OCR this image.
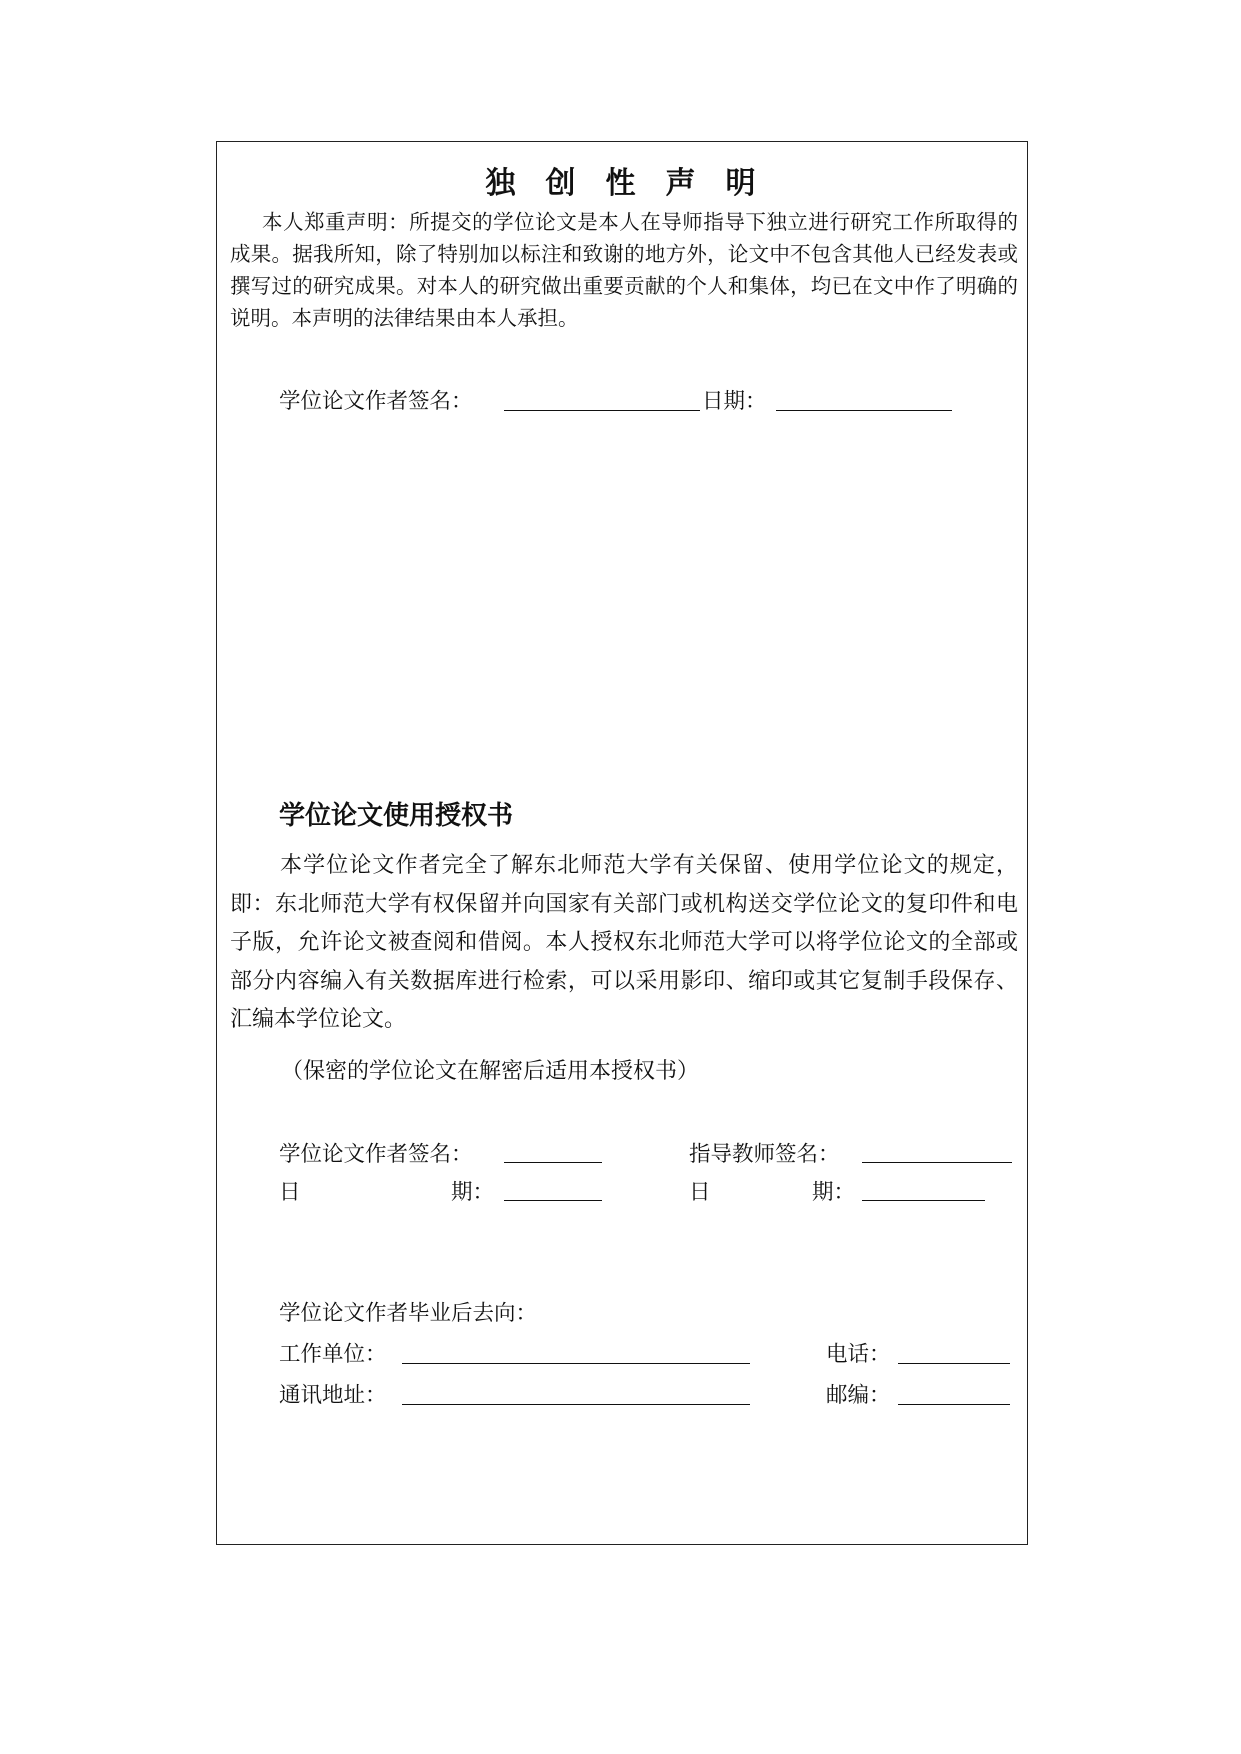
独创性声明
本人郑重声明：所提交的学位论文是本人在导师指导下独立进行研究工作所取得的成果。据我所知，除了特别加以标注和致谢的地方外，论文中不包含其他人已经发表或撰写过的研究成果。对本人的研究做出重要贡献的个人和集体，均已在文中作了明确的说明。本声明的法律结果由本人承担。
学位论文作者签名：	日期：
学位论文使用授权书
本学位论文作者完全了解东北师范大学有关保留、使用学位论文的规定，即：东北师范大学有权保留并向国家有关部门或机构送交学位论文的复印件和电子版，允许论文被查阅和借阅。本人授权东北师范大学可以将学位论文的全部或部分内容编入有关数据库进行检索，可以采用影印、缩印或其它复制手段保存、汇编本学位论文。
（保密的学位论文在解密后适用本授权书）
学位论文作者签名：	指导教师签名：
日	期：	日	期：
学位论文作者毕业后去向：
工作单位：	电话：
通讯地址：	邮编：
